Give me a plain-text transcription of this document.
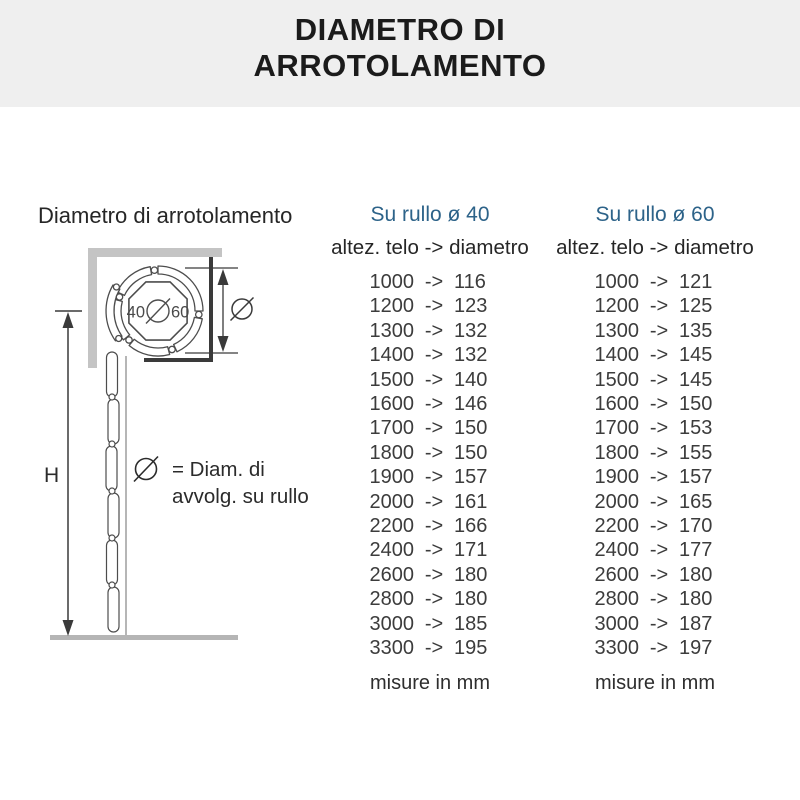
DIAMETRO DI
ARROTOLAMENTO
Diametro di arrotolamento
40 60
H	= Diam. di
avvolg. su rullo
Su rullo ø 40
altez. telo -> diametro
1000 -> 116
1200 -> 123
1300 -> 132
1400 -> 132
1500 -> 140
1600 -> 146
1700 -> 150
1800 -> 150
1900 -> 157
2000 -> 161
2200 -> 166
2400 -> 171
2600 -> 180
2800 -> 180
3000 -> 185
3300 -> 195
misure in mm
Su rullo ø 60
altez. telo -> diametro
1000 -> 121
1200 -> 125
1300 -> 135
1400 -> 145
1500 -> 145
1600 -> 150
1700 -> 153
1800 -> 155
1900 -> 157
2000 -> 165
2200 -> 170
2400 -> 177
2600 -> 180
2800 -> 180
3000 -> 187
3300 -> 197
misure in mm
